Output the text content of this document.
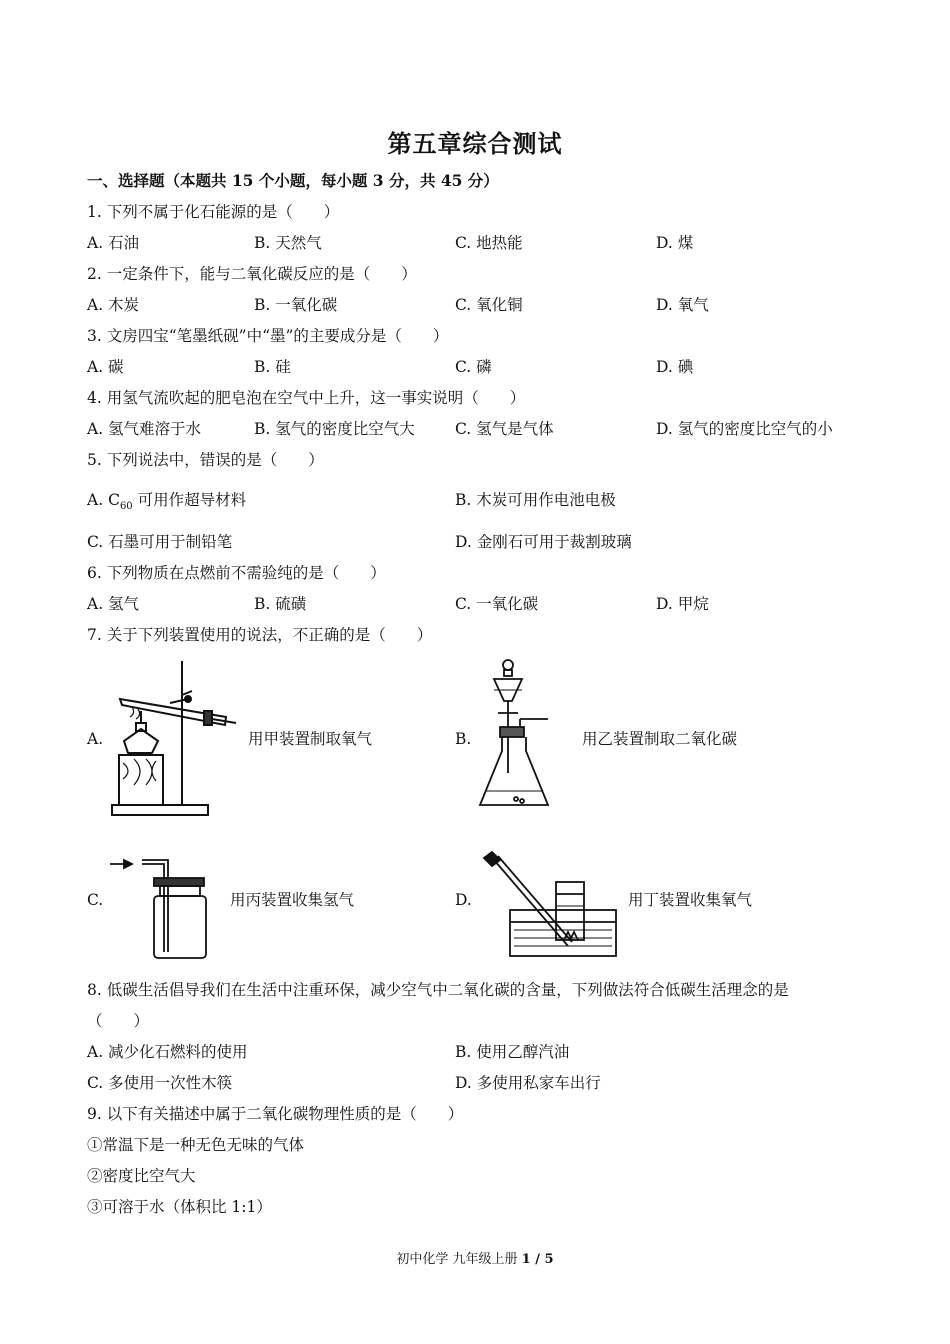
第五章综合测试
一、选择题（本题共 15 个小题，每小题 3 分，共 45 分）
1. 下列不属于化石能源的是（　　）
A. 石油	B. 天然气	C. 地热能	D. 煤
2. 一定条件下，能与二氧化碳反应的是（　　）
A. 木炭	B. 一氧化碳	C. 氧化铜	D. 氧气
3. 文房四宝“笔墨纸砚”中“墨”的主要成分是（　　）
A. 碳	B. 硅	C. 磷	D. 碘
4. 用氢气流吹起的肥皂泡在空气中上升，这一事实说明（　　）
A. 氢气难溶于水	B. 氢气的密度比空气大	C. 氢气是气体	D. 氢气的密度比空气的小
5. 下列说法中，错误的是（　　）
A. $C_{60}$ 可用作超导材料	B. 木炭可用作电池电极
C. 石墨可用于制铅笔	D. 金刚石可用于裁割玻璃
6. 下列物质在点燃前不需验纯的是（　　）
A. 氢气	B. 硫磺	C. 一氧化碳	D. 甲烷
7. 关于下列装置使用的说法，不正确的是（　　）
A.	用甲装置制取氧气	B.	用乙装置制取二氧化碳
C.	用丙装置收集氢气	D.	用丁装置收集氧气
8. 低碳生活倡导我们在生活中注重环保，减少空气中二氧化碳的含量，下列做法符合低碳生活理念的是
（　　）
A. 减少化石燃料的使用	B. 使用乙醇汽油
C. 多使用一次性木筷	D. 多使用私家车出行
9. 以下有关描述中属于二氧化碳物理性质的是（　　）
①常温下是一种无色无味的气体
②密度比空气大
③可溶于水（体积比 1:1）
初中化学 九年级上册 1 / 5
